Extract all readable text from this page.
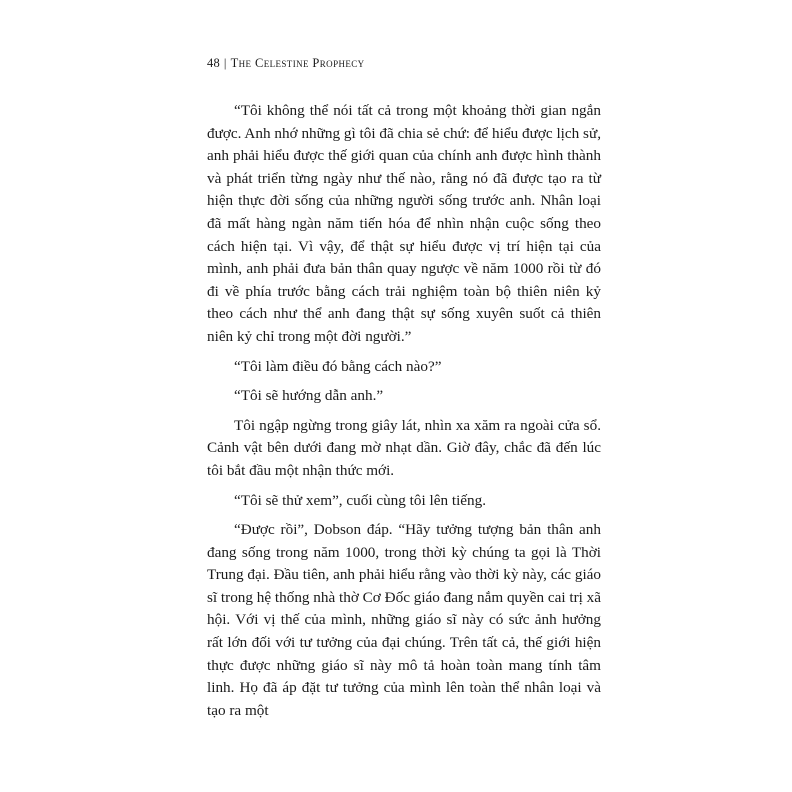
48 | The Celestine Prophecy

“Tôi không thể nói tất cả trong một khoảng thời gian ngắn được. Anh nhớ những gì tôi đã chia sẻ chứ: để hiểu được lịch sử, anh phải hiểu được thế giới quan của chính anh được hình thành và phát triển từng ngày như thế nào, rằng nó đã được tạo ra từ hiện thực đời sống của những người sống trước anh. Nhân loại đã mất hàng ngàn năm tiến hóa để nhìn nhận cuộc sống theo cách hiện tại. Vì vậy, để thật sự hiểu được vị trí hiện tại của mình, anh phải đưa bản thân quay ngược về năm 1000 rồi từ đó đi về phía trước bằng cách trải nghiệm toàn bộ thiên niên kỷ theo cách như thể anh đang thật sự sống xuyên suốt cả thiên niên kỷ chỉ trong một đời người.”

“Tôi làm điều đó bằng cách nào?”

“Tôi sẽ hướng dẫn anh.”

Tôi ngập ngừng trong giây lát, nhìn xa xăm ra ngoài cửa sổ. Cảnh vật bên dưới đang mờ nhạt dần. Giờ đây, chắc đã đến lúc tôi bắt đầu một nhận thức mới.

“Tôi sẽ thử xem”, cuối cùng tôi lên tiếng.

“Được rồi”, Dobson đáp. “Hãy tưởng tượng bản thân anh đang sống trong năm 1000, trong thời kỳ chúng ta gọi là Thời Trung đại. Đầu tiên, anh phải hiểu rằng vào thời kỳ này, các giáo sĩ trong hệ thống nhà thờ Cơ Đốc giáo đang nắm quyền cai trị xã hội. Với vị thế của mình, những giáo sĩ này có sức ảnh hưởng rất lớn đối với tư tưởng của đại chúng. Trên tất cả, thế giới hiện thực được những giáo sĩ này mô tả hoàn toàn mang tính tâm linh. Họ đã áp đặt tư tưởng của mình lên toàn thể nhân loại và tạo ra một
